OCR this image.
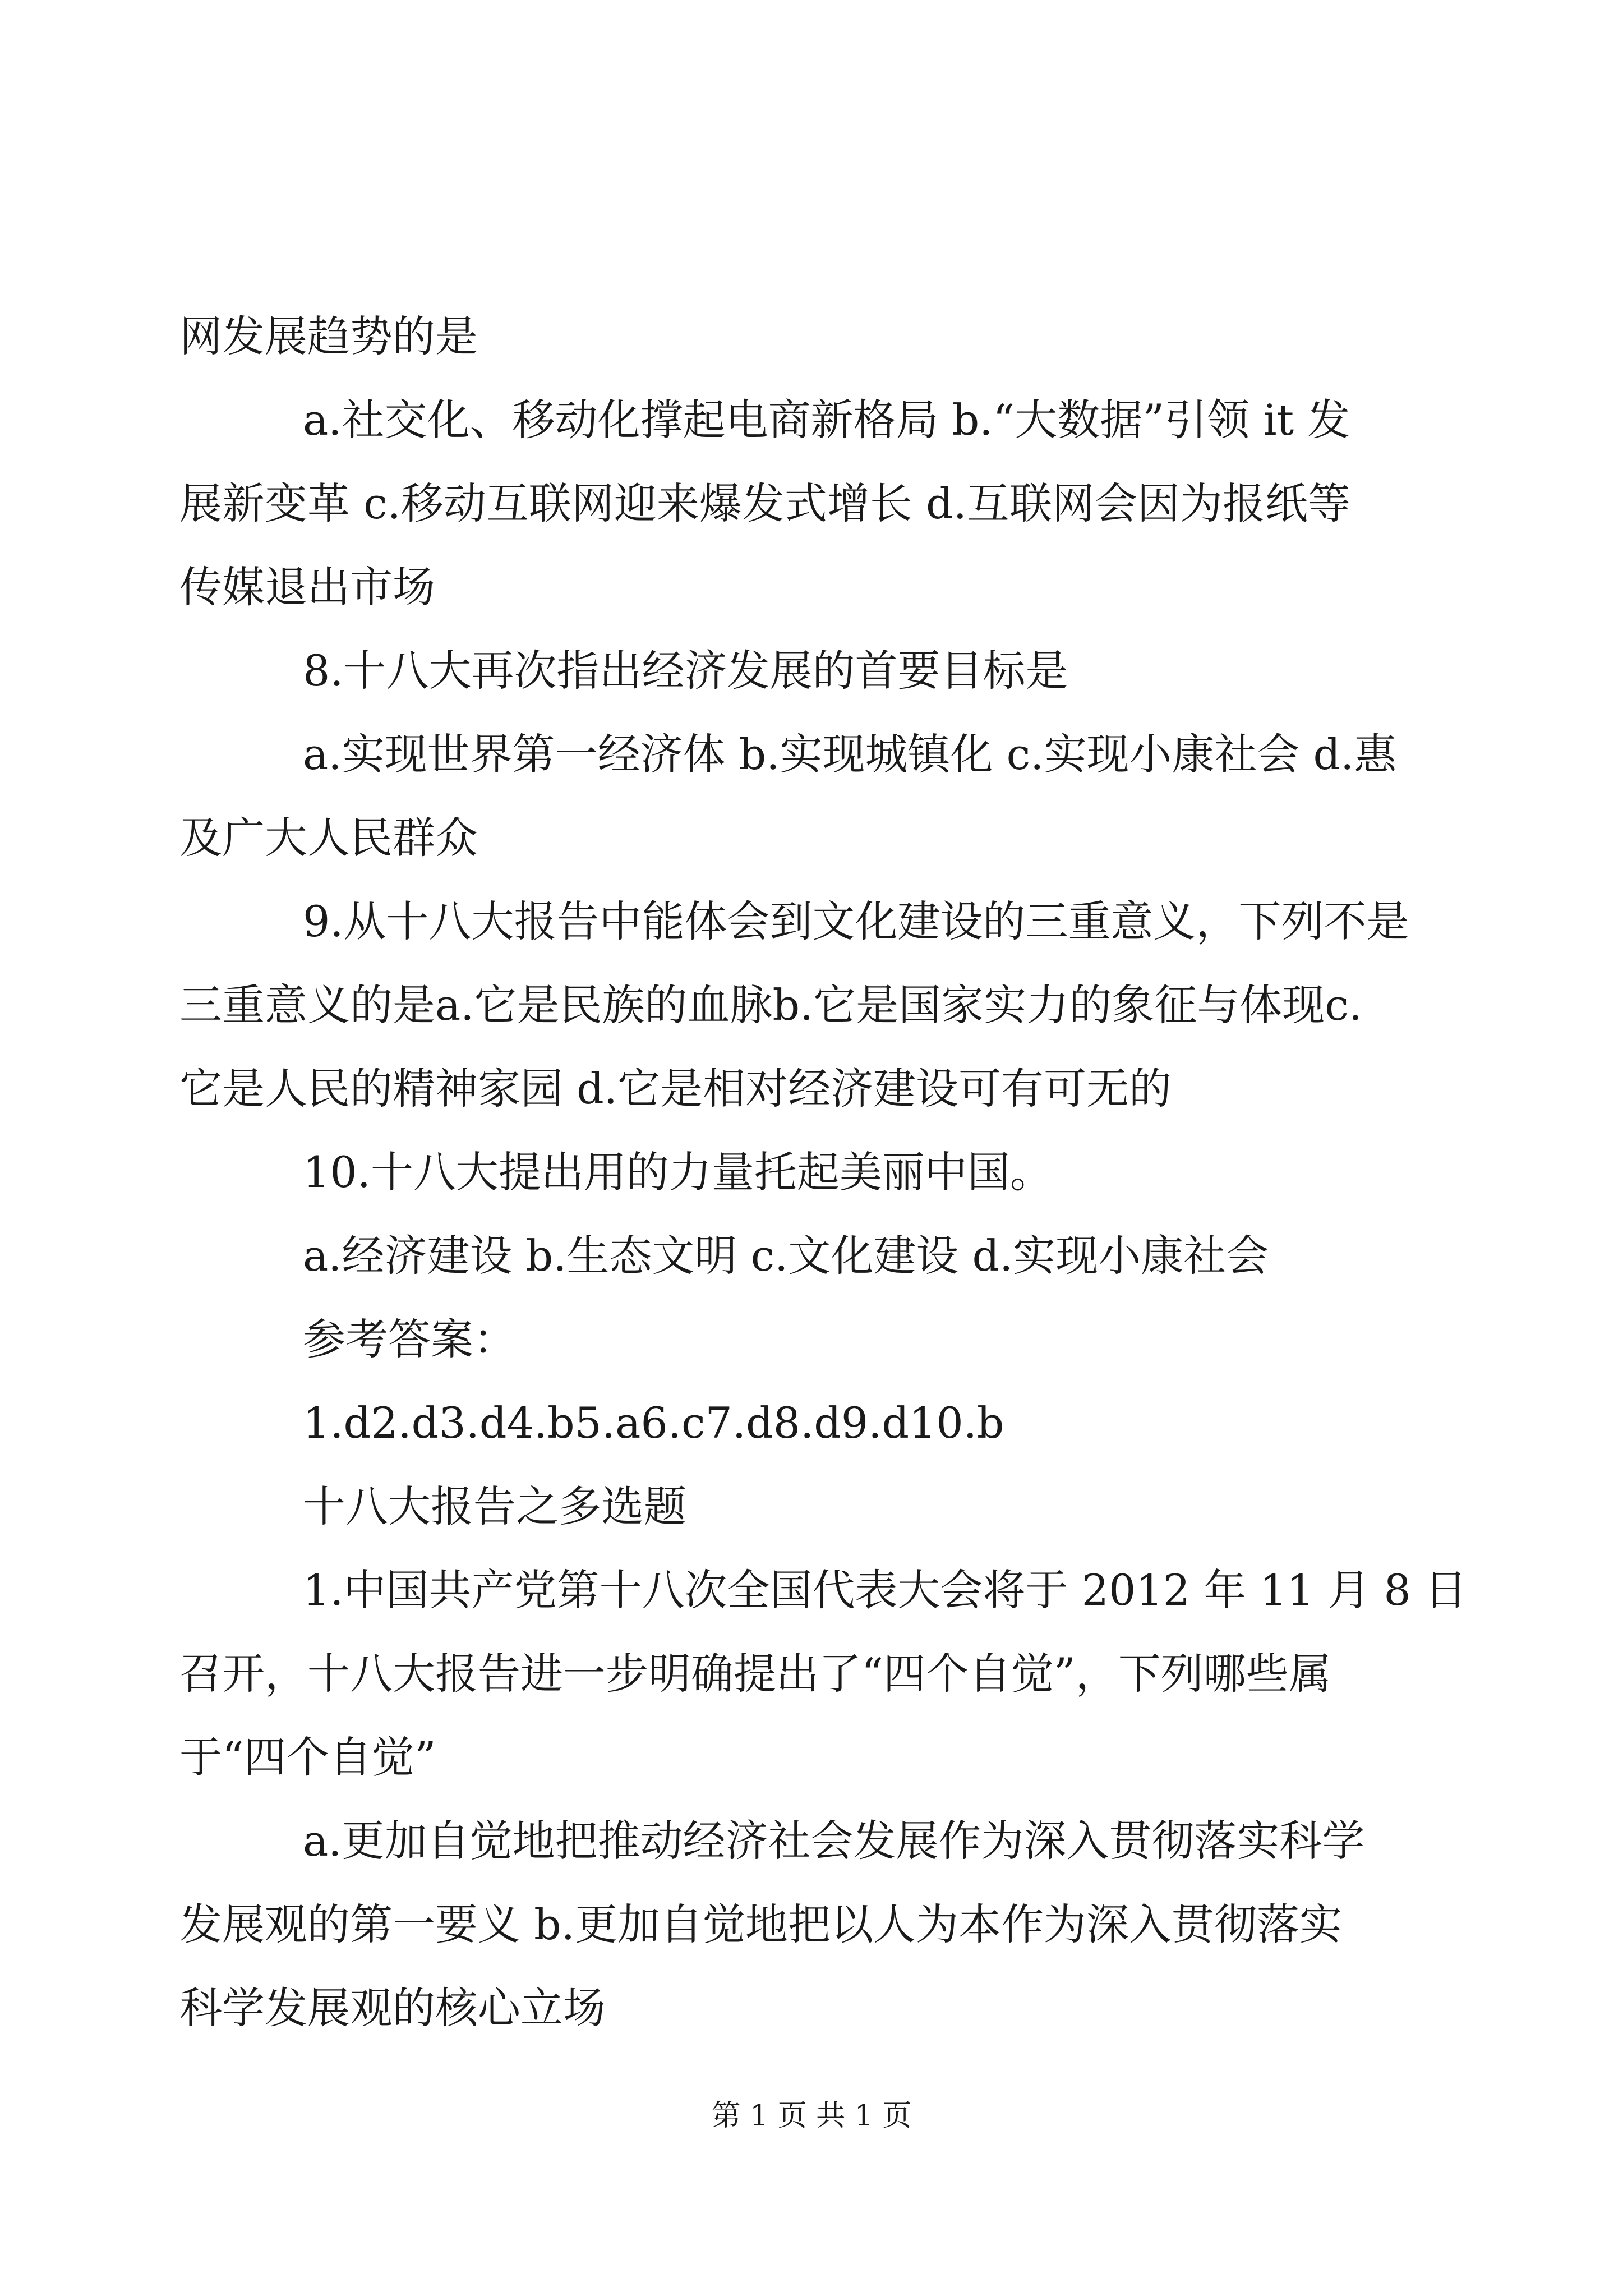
网发展趋势的是
a.社交化、移动化撑起电商新格局 b.“大数据”引领 it 发
展新变革 c.移动互联网迎来爆发式增长 d.互联网会因为报纸等
传媒退出市场
8.十八大再次指出经济发展的首要目标是
a.实现世界第一经济体 b.实现城镇化 c.实现小康社会 d.惠
及广大人民群众
9.从十八大报告中能体会到文化建设的三重意义，下列不是
三重意义的是a.它是民族的血脉b.它是国家实力的象征与体现c.
它是人民的精神家园 d.它是相对经济建设可有可无的
10.十八大提出用的力量托起美丽中国。
a.经济建设 b.生态文明 c.文化建设 d.实现小康社会
参考答案：
1.d2.d3.d4.b5.a6.c7.d8.d9.d10.b
十八大报告之多选题
1.中国共产党第十八次全国代表大会将于 2012 年 11 月 8 日
召开，十八大报告进一步明确提出了“四个自觉”，下列哪些属
于“四个自觉”
a.更加自觉地把推动经济社会发展作为深入贯彻落实科学
发展观的第一要义 b.更加自觉地把以人为本作为深入贯彻落实
科学发展观的核心立场
第 1 页 共 1 页
